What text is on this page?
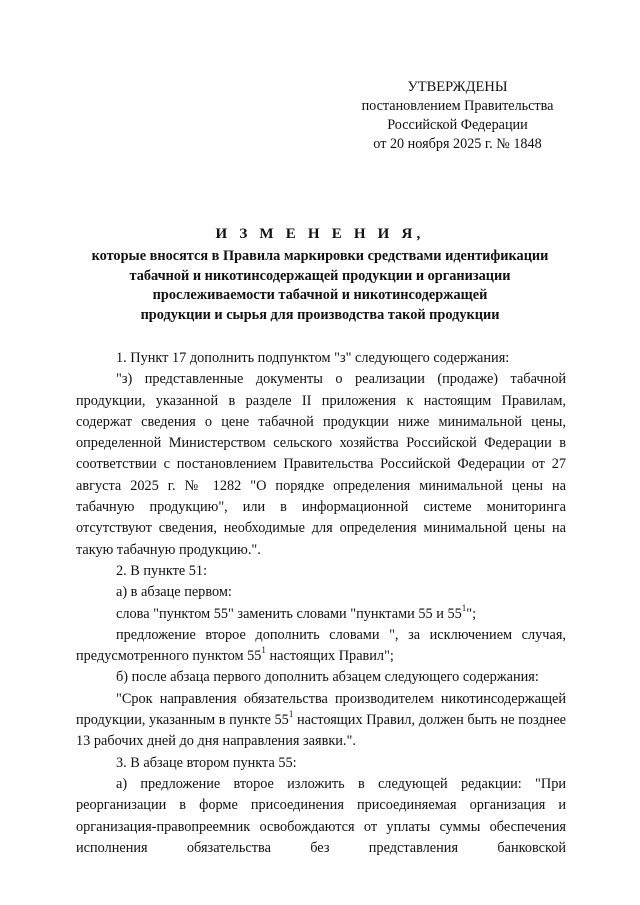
УТВЕРЖДЕНЫ
постановлением Правительства
Российской Федерации
от 20 ноября 2025 г. № 1848
И З М Е Н Е Н И Я,
которые вносятся в Правила маркировки средствами идентификации
табачной и никотинсодержащей продукции и организации
прослеживаемости табачной и никотинсодержащей
продукции и сырья для производства такой продукции

1. Пункт 17 дополнить подпунктом "з" следующего содержания:

"з) представленные документы о реализации (продаже) табачной продукции, указанной в разделе II приложения к настоящим Правилам, содержат сведения о цене табачной продукции ниже минимальной цены, определенной Министерством сельского хозяйства Российской Федерации в соответствии с постановлением Правительства Российской Федерации от 27 августа 2025 г. № 1282 "О порядке определения минимальной цены на табачную продукцию", или в информационной системе мониторинга отсутствуют сведения, необходимые для определения минимальной цены на такую табачную продукцию.".

2. В пункте 51:

а) в абзаце первом:

слова "пунктом 55" заменить словами "пунктами 55 и $55^1$";

предложение второе дополнить словами ", за исключением случая, предусмотренного пунктом $55^1$ настоящих Правил";

б) после абзаца первого дополнить абзацем следующего содержания:

"Срок направления обязательства производителем никотинсодержащей продукции, указанным в пункте $55^1$ настоящих Правил, должен быть не позднее 13 рабочих дней до дня направления заявки.".

3. В абзаце втором пункта 55:

а) предложение второе изложить в следующей редакции: "При реорганизации в форме присоединения присоединяемая организация и организация-правопреемник освобождаются от уплаты суммы обеспечения исполнения обязательства без представления банковской
